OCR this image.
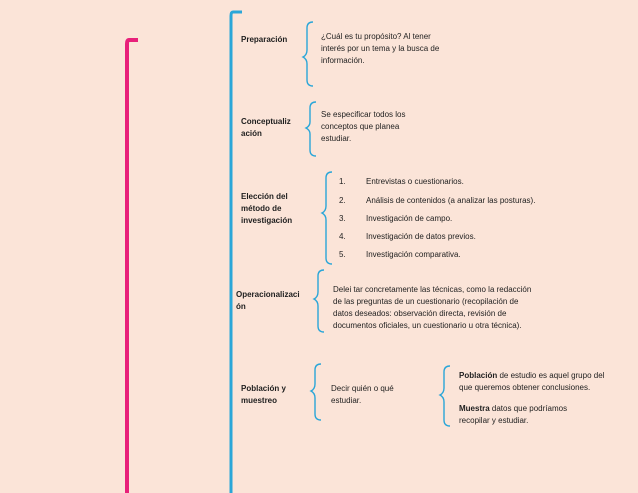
Preparación	¿Cuál es tu propósito? Al tener interés por un tema y la busca de información.
Conceptualiz ación
Se especificar todos los conceptos que planea estudiar.
Elección del método de investigación
1.	Entrevistas o cuestionarios.
2.	Análisis de contenidos (a analizar las posturas).
3.	Investigación de campo.
4.	Investigación de datos previos.
5.	Investigación comparativa.
Operacionalizaci ón
Delei tar concretamente las técnicas, como la redacción de las preguntas de un cuestionario (recopilación de datos deseados: observación directa, revisión de documentos oficiales, un cuestionario u otra técnica).
Población y muestreo
Decir quién o qué estudiar.
Población de estudio es aquel grupo del que queremos obtener conclusiones.
Muestra datos que podríamos recopilar y estudiar.
